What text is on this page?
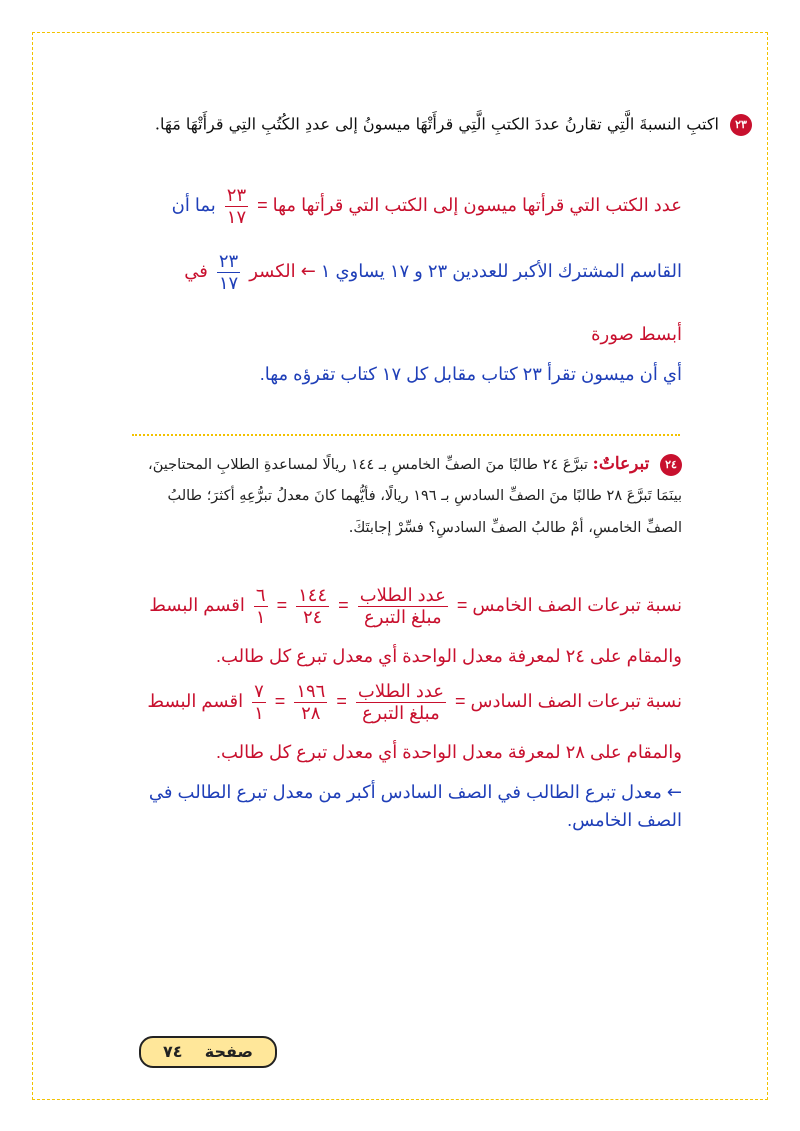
٢٣ اكتبِ النسبةَ الَّتِي تقارنُ عددَ الكتبِ الَّتِي قرأَتْهَا ميسونُ إلى عددِ الكُتُبِ التِي قرأَتْهَا مَهَا.
عدد الكتب التي قرأتها ميسون إلى الكتب التي قرأتها مها =
$\frac{٢٣}{١٧}$
بما أن
القاسم المشترك الأكبر للعددين ٢٣ و ١٧ يساوي ١ ← الكسر
$\frac{٢٣}{١٧}$
في
أبسط صورة
أي أن ميسون تقرأ ٢٣ كتاب مقابل كل ١٧ كتاب تقرؤه مها.
٢٤ تبرعاتٌ: تبرَّعَ ٢٤ طالبًا منَ الصفِّ الخامسِ بـ ١٤٤ ريالًا لمساعدةِ الطلابِ المحتاجينَ،
بينَمَا تَبرَّعَ ٢٨ طالبًا منَ الصفِّ السادسِ بـ ١٩٦ ريالًا، فأيُّهما كانَ معدلُ تبرُّعِهِ أكثرَ؛ طالبُ
الصفِّ الخامسِ، أمْ طالبُ الصفِّ السادسِ؟ فسِّرْ إجابتَكَ.
نسبة تبرعات الصف الخامس =
$\frac{\text{عدد الطلاب}}{\text{مبلغ التبرع}}$
=
$\frac{١٤٤}{٢٤}$
=
$\frac{٦}{١}$
اقسم البسط
والمقام على ٢٤ لمعرفة معدل الواحدة أي معدل تبرع كل طالب.
نسبة تبرعات الصف السادس =
$\frac{\text{عدد الطلاب}}{\text{مبلغ التبرع}}$
=
$\frac{١٩٦}{٢٨}$
=
$\frac{٧}{١}$
اقسم البسط
والمقام على ٢٨ لمعرفة معدل الواحدة أي معدل تبرع كل طالب.
← معدل تبرع الطالب في الصف السادس أكبر من معدل تبرع الطالب في
الصف الخامس.
صفحة    ٧٤
